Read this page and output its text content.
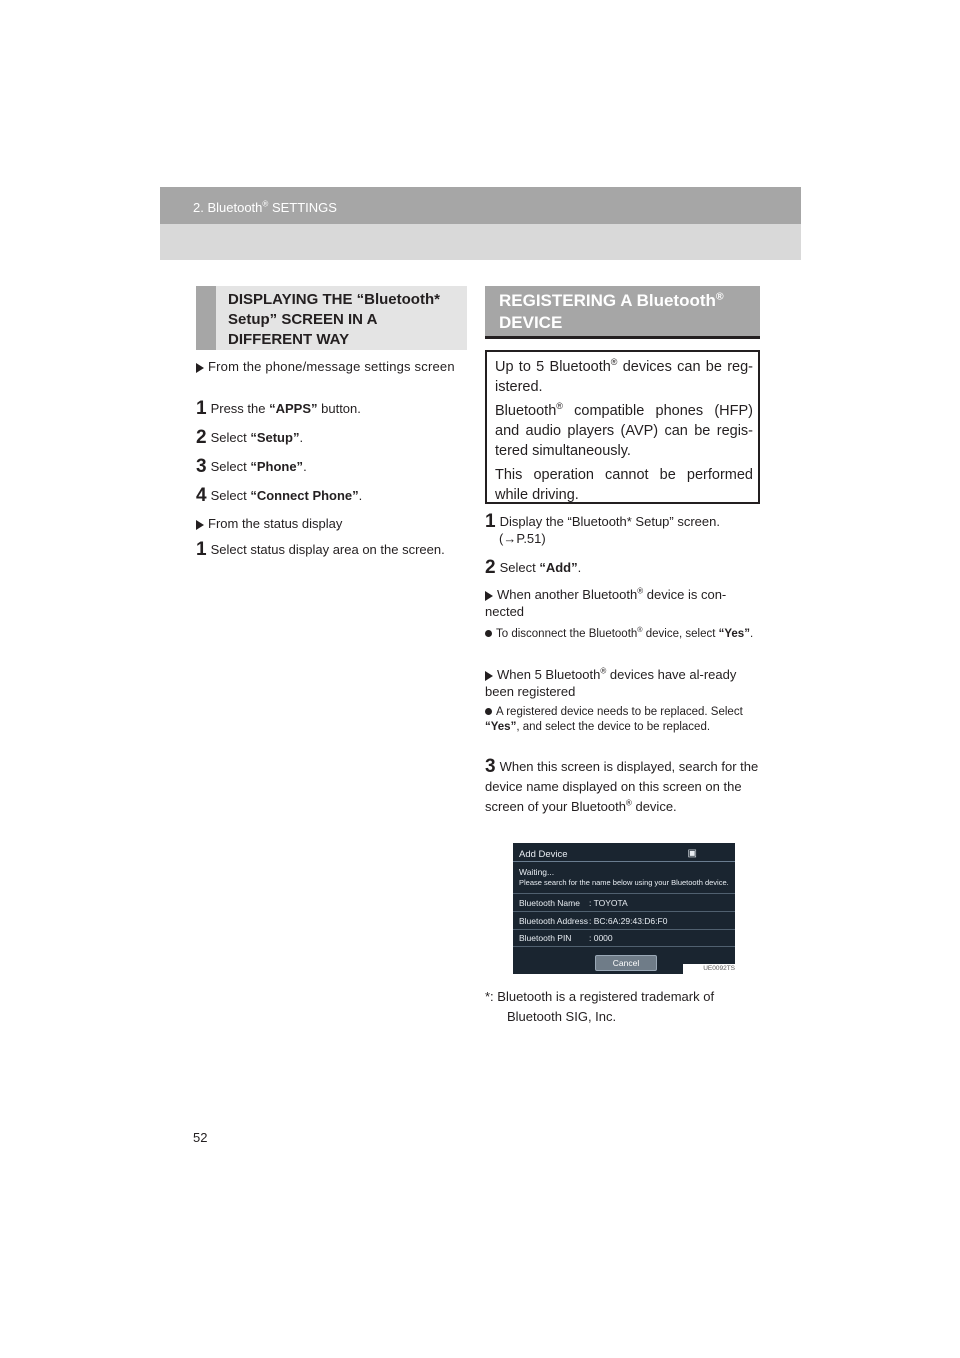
2. Bluetooth® SETTINGS
DISPLAYING THE “Bluetooth* Setup” SCREEN IN A DIFFERENT WAY
From the phone/message settings screen
1 Press the “APPS” button.
2 Select “Setup”.
3 Select “Phone”.
4 Select “Connect Phone”.
From the status display
1 Select status display area on the screen.
REGISTERING A Bluetooth®
DEVICE

Up to 5 Bluetooth® devices can be reg-istered.

Bluetooth® compatible phones (HFP) and audio players (AVP) can be regis-tered simultaneously.

This operation cannot be performed while driving.

1 Display the “Bluetooth* Setup” screen.
(→P.51)
2 Select “Add”.
When another Bluetooth® device is con-nected
To disconnect the Bluetooth® device, select “Yes”.
When 5 Bluetooth® devices have al-ready been registered
A registered device needs to be replaced. Select “Yes”, and select the device to be replaced.
3 When this screen is displayed, search for the device name displayed on this screen on the screen of your Bluetooth® device.
Add Device	▣
Waiting...
Please search for the name below using your Bluetooth device.
Bluetooth Name : TOYOTA
Bluetooth Address : BC:6A:29:43:D6:F0
Bluetooth PIN : 0000
Cancel
UE0092TS
*: Bluetooth is a registered trademark of Bluetooth SIG, Inc.
52
